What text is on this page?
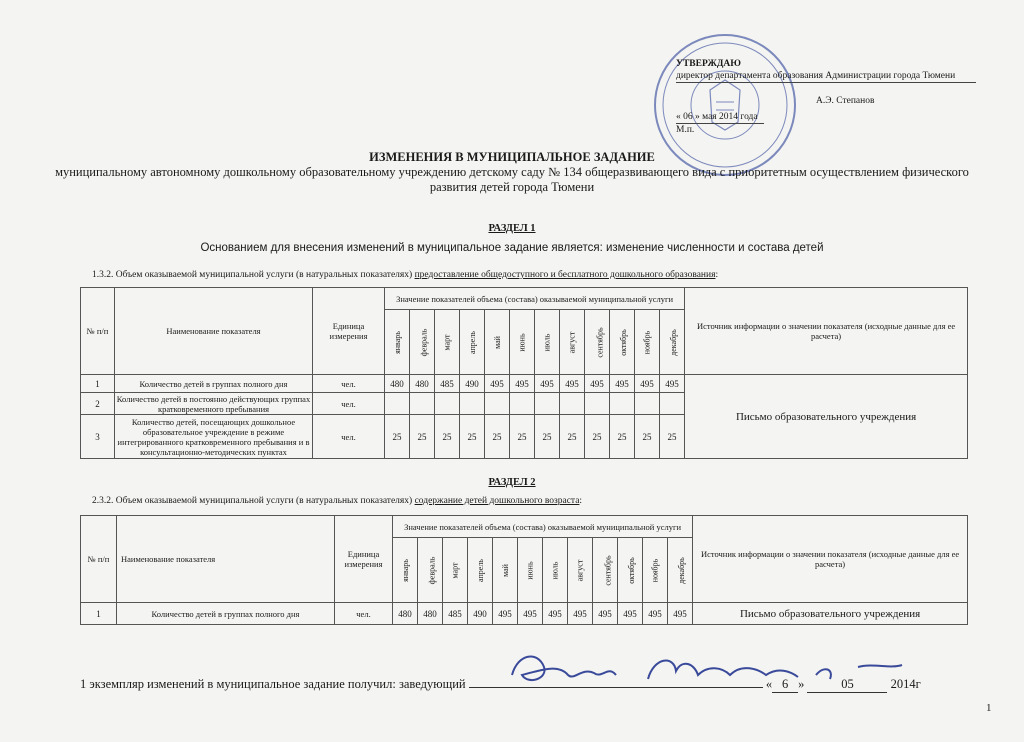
УТВЕРЖДАЮ
директор департамента образования Администрации города Тюмени
А.Э. Степанов
« 06 » мая 2014 года
М.п.
ИЗМЕНЕНИЯ В МУНИЦИПАЛЬНОЕ ЗАДАНИЕ
муниципальному автономному дошкольному образовательному учреждению детскому саду № 134 общеразвивающего вида с приоритетным осуществлением физического развития детей города Тюмени
РАЗДЕЛ 1
Основанием для внесения изменений в муниципальное задание является: изменение численности и состава детей
1.3.2. Объем оказываемой муниципальной услуги (в натуральных показателях) предоставление общедоступного и бесплатного дошкольного образования:
№ п/п	Наименование показателя	Единица измерения	Значение показателей объема (состава) оказываемой муниципальной услуги												Источник информации о значении показателя (исходные данные для ее расчета)
			январь	февраль	март	апрель	май	июнь	июль	август	сентябрь	октябрь	ноябрь	декабрь	
1	Количество детей в группах полного дня	чел.	480	480	485	490	495	495	495	495	495	495	495	495	Письмо образовательного учреждения
2	Количество детей в постоянно действующих группах кратковременного пребывания	чел.													
3	Количество детей, посещающих дошкольное образовательное учреждение в режиме интегрированного кратковременного пребывания и в консультационно-методических пунктах	чел.	25	25	25	25	25	25	25	25	25	25	25	25	
РАЗДЕЛ 2
2.3.2. Объем оказываемой муниципальной услуги (в натуральных показателях) содержание детей дошкольного возраста:
№ п/п	Наименование показателя	Единица измерения	Значение показателей объема (состава) оказываемой муниципальной услуги												Источник информации о значении показателя (исходные данные для ее расчета)
			январь	февраль	март	апрель	май	июнь	июль	август	сентябрь	октябрь	ноябрь	декабрь	
1	Количество детей в группах полного дня	чел.	480	480	485	490	495	495	495	495	495	495	495	495	Письмо образовательного учреждения
1 экземпляр изменений в муниципальное задание получил: заведующий	« 6 »	05	2014г
1
